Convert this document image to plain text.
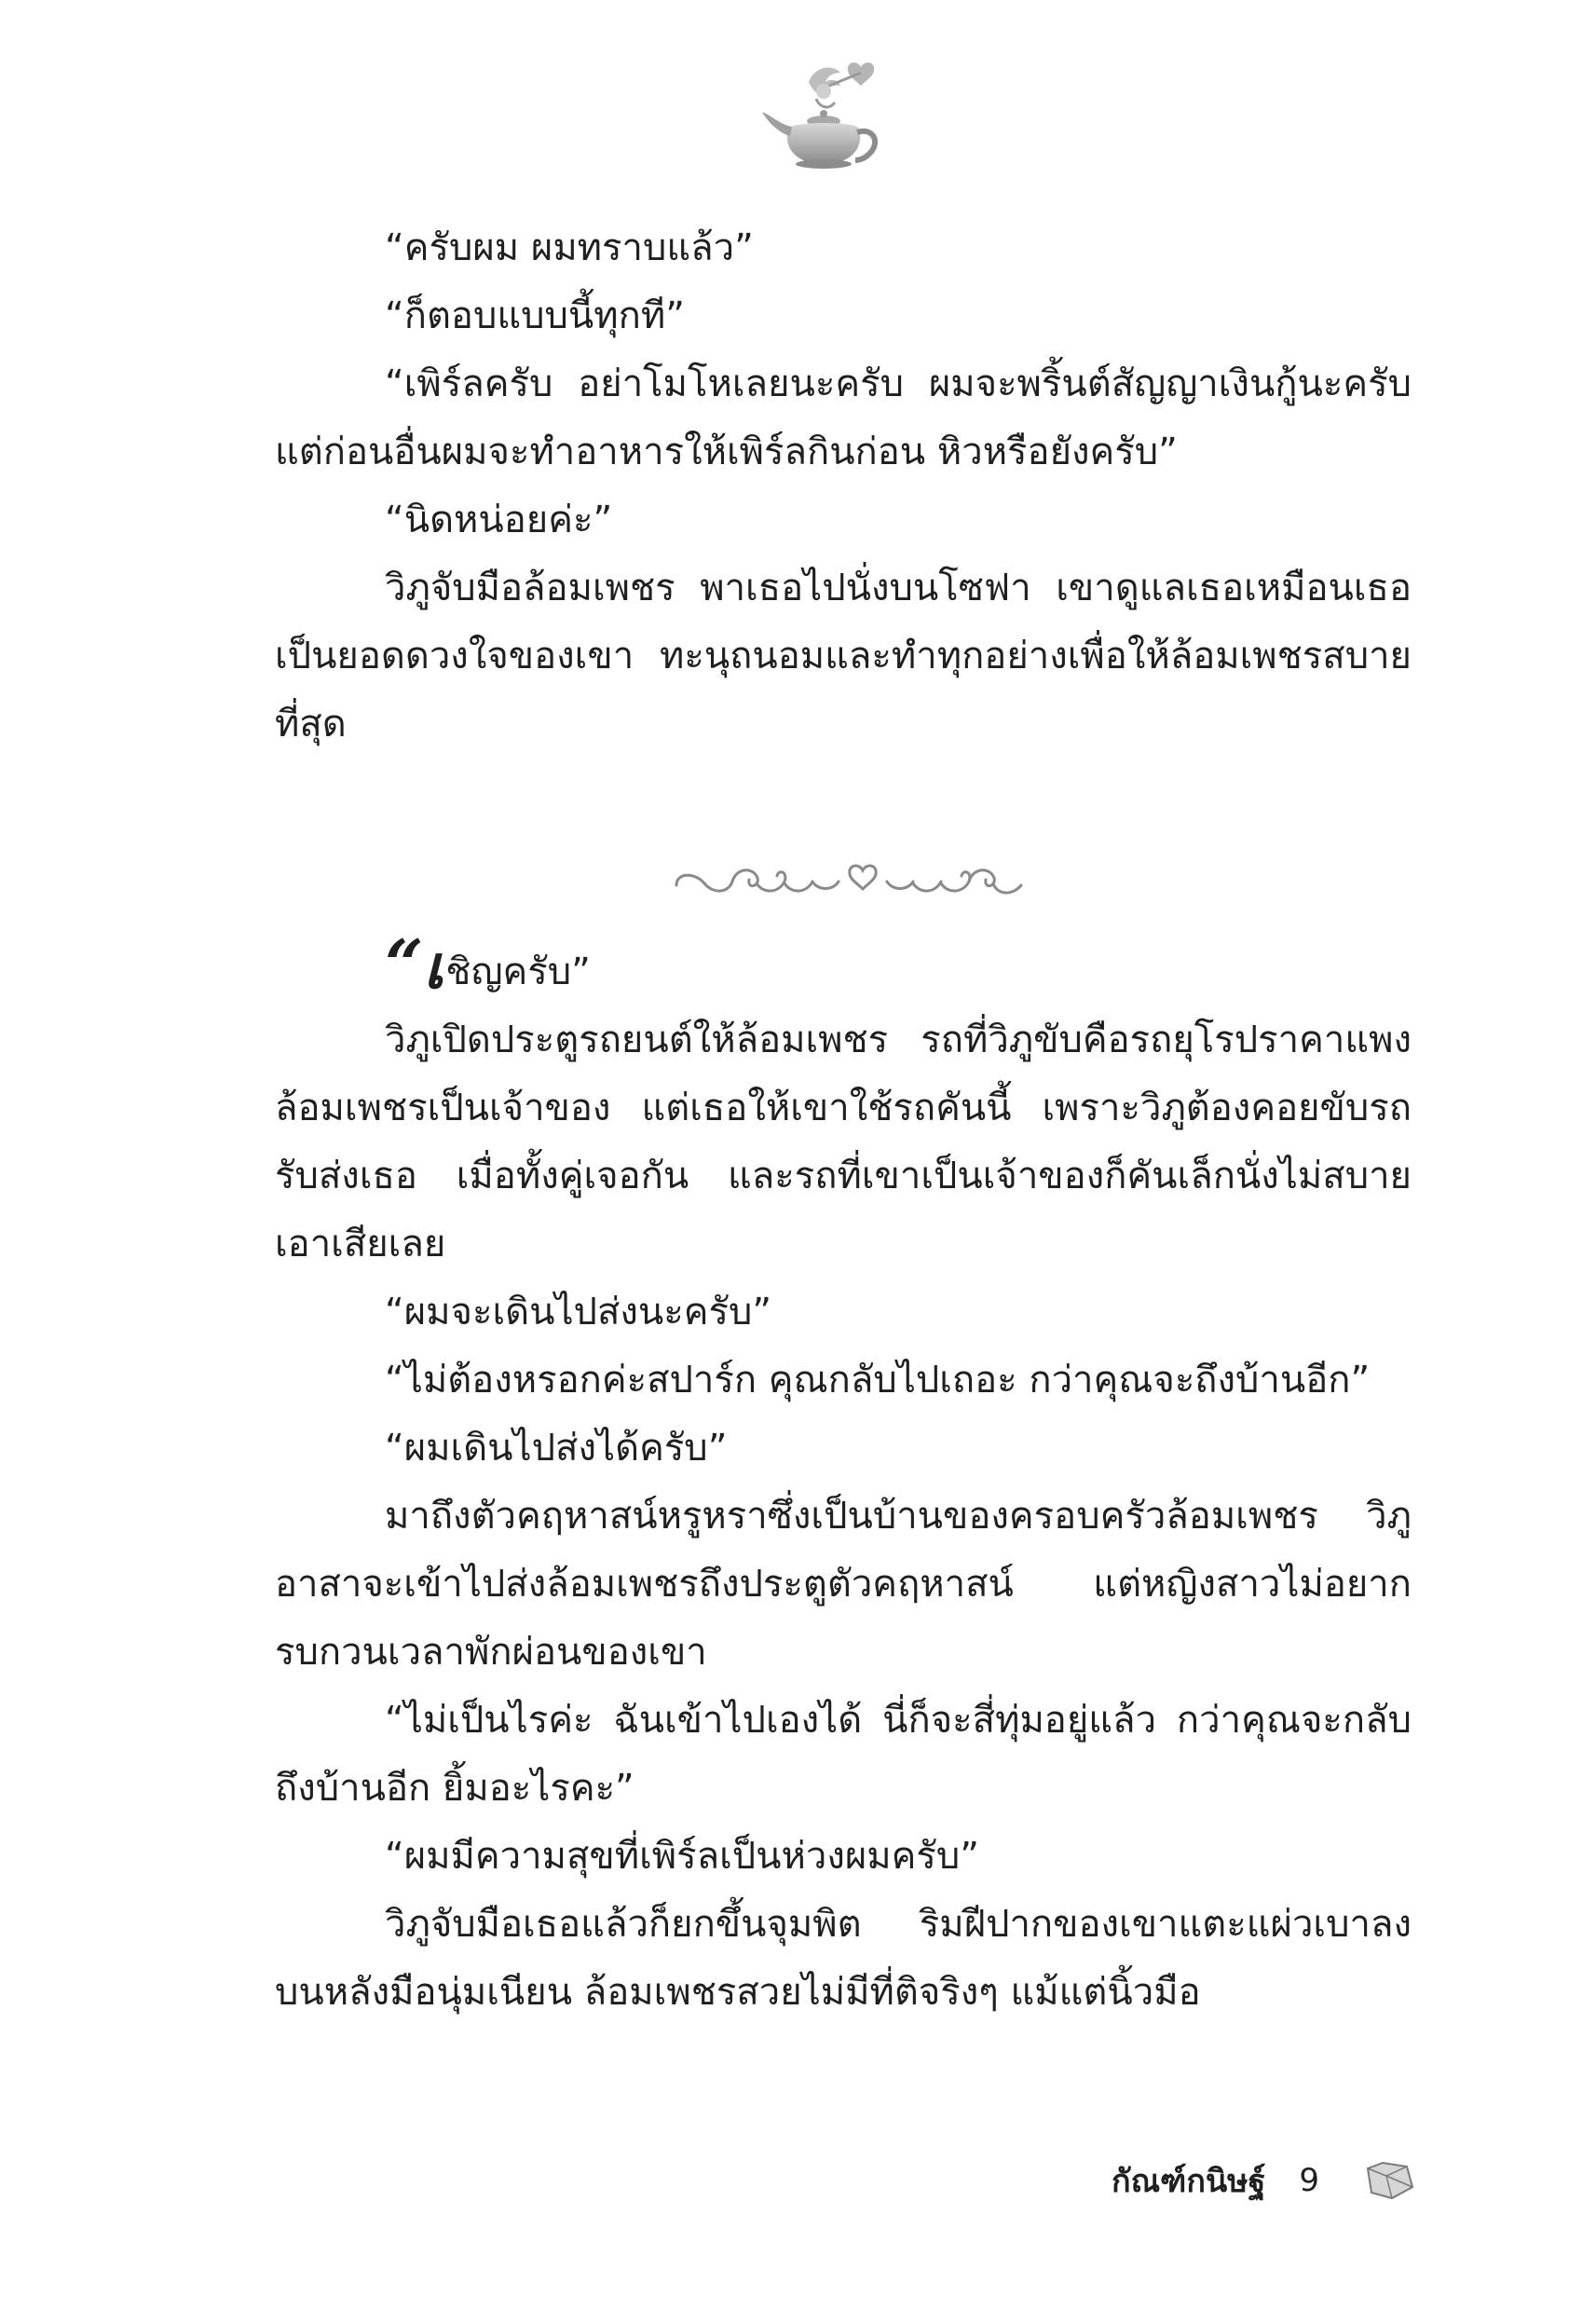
“ครับผม ผมทราบแล้ว”

“ก็ตอบแบบนี้ทุกที”

“เพิร์ลครับ อย่าโมโหเลยนะครับ ผมจะพริ้นต์สัญญาเงินกู้นะครับ แต่ก่อนอื่นผมจะทำอาหารให้เพิร์ลกินก่อน หิวหรือยังครับ”

“นิดหน่อยค่ะ”

วิภูจับมือล้อมเพชร พาเธอไปนั่งบนโซฟา เขาดูแลเธอเหมือนเธอเป็นยอดดวงใจของเขา ทะนุถนอมและทำทุกอย่างเพื่อให้ล้อมเพชรสบายที่สุด

“เชิญครับ”

วิภูเปิดประตูรถยนต์ให้ล้อมเพชร รถที่วิภูขับคือรถยุโรปราคาแพง ล้อมเพชรเป็นเจ้าของ แต่เธอให้เขาใช้รถคันนี้ เพราะวิภูต้องคอยขับรถรับส่งเธอ เมื่อทั้งคู่เจอกัน และรถที่เขาเป็นเจ้าของก็คันเล็กนั่งไม่สบายเอาเสียเลย

“ผมจะเดินไปส่งนะครับ”

“ไม่ต้องหรอกค่ะสปาร์ก คุณกลับไปเถอะ กว่าคุณจะถึงบ้านอีก”

“ผมเดินไปส่งได้ครับ”

มาถึงตัวคฤหาสน์หรูหราซึ่งเป็นบ้านของครอบครัวล้อมเพชร วิภูอาสาจะเข้าไปส่งล้อมเพชรถึงประตูตัวคฤหาสน์ แต่หญิงสาวไม่อยากรบกวนเวลาพักผ่อนของเขา

“ไม่เป็นไรค่ะ ฉันเข้าไปเองได้ นี่ก็จะสี่ทุ่มอยู่แล้ว กว่าคุณจะกลับถึงบ้านอีก ยิ้มอะไรคะ”

“ผมมีความสุขที่เพิร์ลเป็นห่วงผมครับ”

วิภูจับมือเธอแล้วก็ยกขึ้นจุมพิต ริมฝีปากของเขาแตะแผ่วเบาลงบนหลังมือนุ่มเนียน ล้อมเพชรสวยไม่มีที่ติจริงๆ แม้แต่นิ้วมือ

กัณฑ์กนิษฐ์ 9
